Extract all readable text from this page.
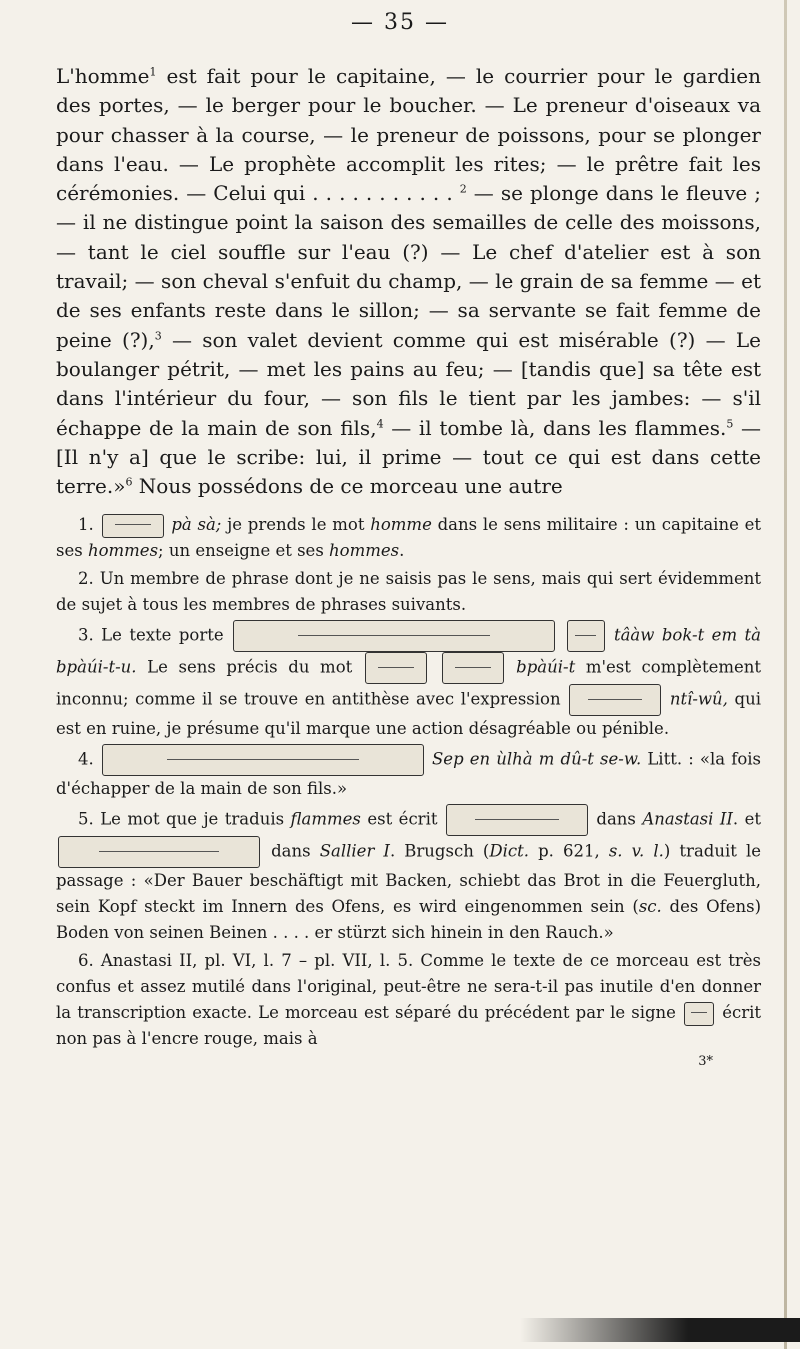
— 35 —

L'homme$^1$ est fait pour le capitaine, — le courrier pour le gardien des portes, — le berger pour le boucher. — Le preneur d'oiseaux va pour chasser à la course, — le preneur de poissons, pour se plonger dans l'eau. — Le prophète accomplit les rites; — le prêtre fait les cérémonies. — Celui qui . . . . . . . . . . . $^2$ — se plonge dans le fleuve ; — il ne distingue point la saison des semailles de celle des moissons, — tant le ciel souffle sur l'eau (?) — Le chef d'atelier est à son travail; — son cheval s'enfuit du champ, — le grain de sa femme — et de ses enfants reste dans le sillon; — sa servante se fait femme de peine (?),$^3$ — son valet devient comme qui est misérable (?) — Le boulanger pétrit, — met les pains au feu; — [tandis que] sa tête est dans l'intérieur du four, — son fils le tient par les jambes: — s'il échappe de la main de son fils,$^4$ — il tombe là, dans les flammes.$^5$ — [Il n'y a] que le scribe: lui, il prime — tout ce qui est dans cette terre.»$^6$ Nous possédons de ce morceau une autre

1.	pà sà; je prends le mot homme dans le sens militaire : un capitaine et ses hommes; un enseigne et ses hommes.

2. Un membre de phrase dont je ne saisis pas le sens, mais qui sert évidemment de sujet à tous les membres de phrases suivants.

3. Le texte porte	tâàw bok-t em tà bpàúi-t-u. Le sens précis du mot	bpàúi-t m'est complètement inconnu; comme il se trouve en antithèse avec l'expression	ntî-wû, qui est en ruine, je présume qu'il marque une action désagréable ou pénible.

4.	Sep en ùlhà m dû-t se-w. Litt. : «la fois d'échapper de la main de son fils.»

5. Le mot que je traduis flammes est écrit	dans Anastasi II. et  dans Sallier I. Brugsch (Dict. p. 621, s. v. l.) traduit le passage : «Der Bauer beschäftigt mit Backen, schiebt das Brot in die Feuergluth, sein Kopf steckt im Innern des Ofens, es wird eingenommen sein (sc. des Ofens) Boden von seinen Beinen . . . . er stürzt sich hinein in den Rauch.»

6. Anastasi II, pl. VI, l. 7 – pl. VII, l. 5. Comme le texte de ce morceau est très confus et assez mutilé dans l'original, peut-être ne sera-t-il pas inutile d'en donner la transcription exacte. Le morceau est séparé du précédent par le signe  écrit non pas à l'encre rouge, mais à

3*
